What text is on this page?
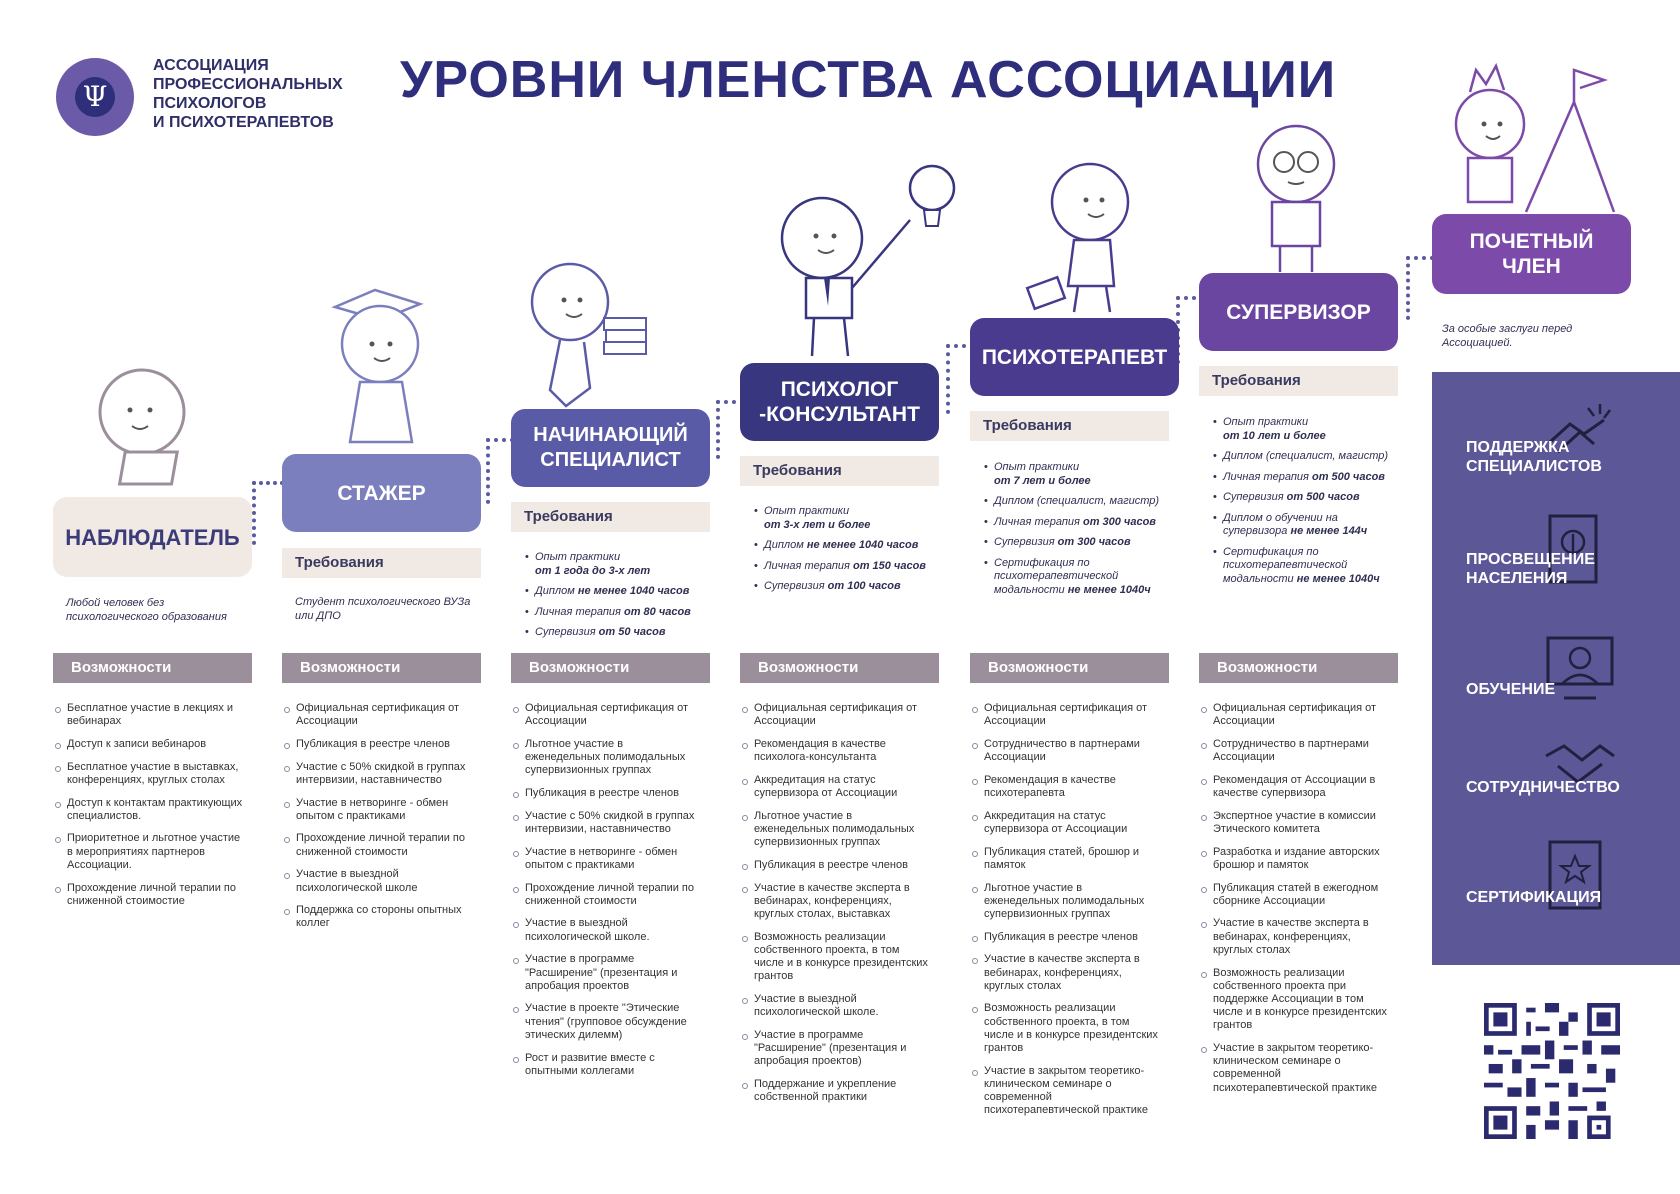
Ψ
АССОЦИАЦИЯ
ПРОФЕССИОНАЛЬНЫХ
ПСИХОЛОГОВ
И ПСИХОТЕРАПЕВТОВ
УРОВНИ ЧЛЕНСТВА АССОЦИАЦИИ
НАБЛЮДАТЕЛЬ
Любой человек без психологического образования
Возможности
Бесплатное участие в лекциях и вебинарах
Доступ к записи вебинаров
Бесплатное участие в выставках, конференциях, круглых столах
Доступ к контактам практикующих специалистов.
Приоритетное и льготное участие в мероприятиях партнеров Ассоциации.
Прохождение личной терапии по сниженной стоимостие
СТАЖЕР
Требования
Студент психологического ВУЗа или ДПО
Возможности
Официальная сертификация от Ассоциации
Публикация в реестре членов
Участие с 50% скидкой в группах интервизии, наставничество
Участие в нетворинге - обмен опытом с практиками
Прохождение личной терапии по сниженной стоимости
Участие в выездной психологической школе
Поддержка со стороны опытных коллег
НАЧИНАЮЩИЙ
СПЕЦИАЛИСТ
Требования
• Опыт практики
от 1 года до 3-х лет
• Диплом не менее 1040 часов
• Личная терапия от 80 часов
• Супервизия от 50 часов
Возможности
Официальная сертификация от Ассоциации
Льготное участие в еженедельных полимодальных супервизионных группах
Публикация в реестре членов
Участие с 50% скидкой в группах интервизии, наставничество
Участие в нетворинге - обмен опытом с практиками
Прохождение личной терапии по сниженной стоимости
Участие в выездной психологической школе.
Участие в программе "Расширение" (презентация и апробация проектов
Участие в проекте "Этические чтения" (групповое обсуждение этических дилемм)
Рост и развитие вместе с опытными коллегами
ПСИХОЛОГ
-КОНСУЛЬТАНТ
Требования
• Опыт практики
от 3-х лет и более
• Диплом не менее 1040 часов
• Личная терапия от 150 часов
• Супервизия от 100 часов
Возможности
Официальная сертификация от Ассоциации
Рекомендация в качестве психолога-консультанта
Аккредитация на статус супервизора от Ассоциации
Льготное участие в еженедельных полимодальных супервизионных группах
Публикация в реестре членов
Участие в качестве эксперта в вебинарах, конференциях, круглых столах, выставках
Возможность реализации собственного проекта, в том числе и в конкурсе президентских грантов
Участие в выездной психологической школе.
Участие в программе "Расширение" (презентация и апробация проектов)
Поддержание и укрепление собственной практики
ПСИХОТЕРАПЕВТ
Требования
• Опыт практики
от 7 лет и более
• Диплом (специалист, магистр)
• Личная терапия от 300 часов
• Супервизия от 300 часов
• Сертификация по психотерапевтической модальности не менее 1040ч
Возможности
Официальная сертификация от Ассоциации
Сотрудничество в партнерами Ассоциации
Рекомендация в качестве психотерапевта
Аккредитация на статус супервизора от Ассоциации
Публикация статей, брошюр и памяток
Льготное участие в еженедельных полимодальных супервизионных группах
Публикация в реестре членов
Участие в качестве эксперта в вебинарах, конференциях, круглых столах
Возможность реализации собственного проекта, в том числе и в конкурсе президентских грантов
Участие в закрытом теоретико-клиническом семинаре о современной психотерапевтической практике
СУПЕРВИЗОР
Требования
• Опыт практики
от 10 лет и более
• Диплом (специалист, магистр)
• Личная терапия от 500 часов
• Супервизия от 500 часов
• Диплом о обучении на супервизора не менее 144ч
• Сертификация по психотерапевтической модальности не менее 1040ч
Возможности
Официальная сертификация от Ассоциации
Сотрудничество в партнерами Ассоциации
Рекомендация от Ассоциации в качестве супервизора
Экспертное участие в комиссии Этического комитета
Разработка и издание авторских брошюр и памяток
Публикация статей в ежегодном сборнике Ассоциации
Участие в качестве эксперта в вебинарах, конференциях, круглых столах
Возможность реализации собственного проекта при поддержке Ассоциации в том числе и в конкурсе президентских грантов
Участие в закрытом теоретико-клиническом семинаре о современной психотерапевтической практике
ПОЧЕТНЫЙ
ЧЛЕН
За особые заслуги перед Ассоциацией.
ПОДДЕРЖКА
СПЕЦИАЛИСТОВ
ПРОСВЕЩЕНИЕ
НАСЕЛЕНИЯ
ОБУЧЕНИЕ
СОТРУДНИЧЕСТВО
СЕРТИФИКАЦИЯ
